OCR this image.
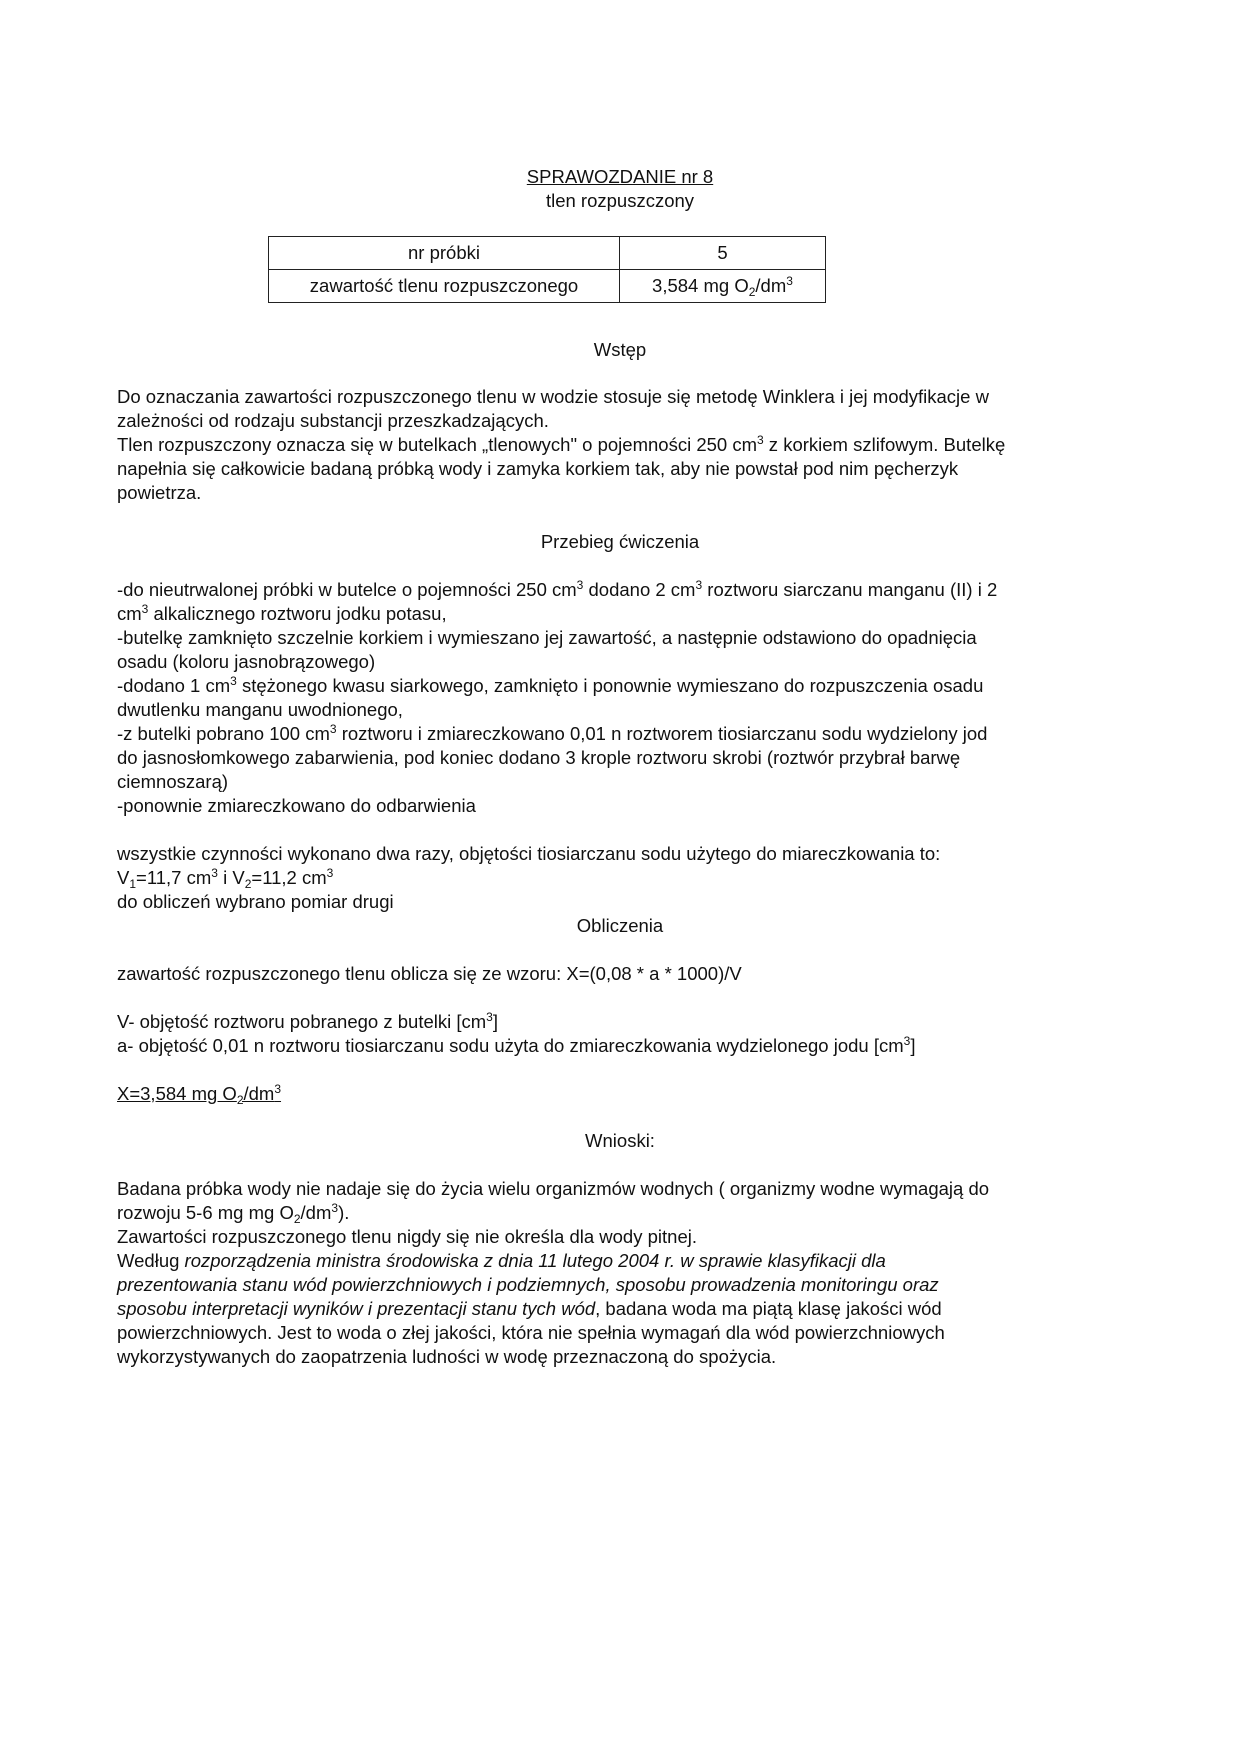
SPRAWOZDANIE nr 8
tlen rozpuszczony
nr próbki	5
zawartość tlenu rozpuszczonego	3,584 mg $O_2/dm^3$
Wstęp
Do oznaczania zawartości rozpuszczonego tlenu w wodzie stosuje się metodę Winklera i jej modyfikacje w
zależności od rodzaju substancji przeszkadzających.
Tlen rozpuszczony oznacza się w butelkach „tlenowych" o pojemności 250 $cm^3$ z korkiem szlifowym. Butelkę
napełnia się całkowicie badaną próbką wody i zamyka korkiem tak, aby nie powstał pod nim pęcherzyk
powietrza.
Przebieg ćwiczenia
-do nieutrwalonej próbki w butelce o pojemności 250 $cm^3$ dodano 2 $cm^3$ roztworu siarczanu manganu (II) i 2
$cm^3$ alkalicznego roztworu jodku potasu,
-butelkę zamknięto szczelnie korkiem i wymieszano jej zawartość, a następnie odstawiono do opadnięcia
osadu (koloru jasnobrązowego)
-dodano 1 $cm^3$ stężonego kwasu siarkowego, zamknięto i ponownie wymieszano do rozpuszczenia osadu
dwutlenku manganu uwodnionego,
-z butelki pobrano 100 $cm^3$ roztworu i zmiareczkowano 0,01 n roztworem tiosiarczanu sodu wydzielony jod
do jasnosłomkowego zabarwienia, pod koniec dodano 3 krople roztworu skrobi (roztwór przybrał barwę
ciemnoszarą)
-ponownie zmiareczkowano do odbarwienia
wszystkie czynności wykonano dwa razy, objętości tiosiarczanu sodu użytego do miareczkowania to:
$V_1=11,7$ $cm^3$ i $V_2=11,2$ $cm^3$
do obliczeń wybrano pomiar drugi
Obliczenia
zawartość rozpuszczonego tlenu oblicza się ze wzoru: X=(0,08 * a * 1000)/V
V- objętość roztworu pobranego z butelki $[cm^3]$
a- objętość 0,01 n roztworu tiosiarczanu sodu użyta do zmiareczkowania wydzielonego jodu $[cm^3]$
X=3,584 mg $O_2/dm^3$
Wnioski:
Badana próbka wody nie nadaje się do życia wielu organizmów wodnych ( organizmy wodne wymagają do
rozwoju 5-6 mg mg $O_2/dm^3$).
Zawartości rozpuszczonego tlenu nigdy się nie określa dla wody pitnej.
Według rozporządzenia ministra środowiska z dnia 11 lutego 2004 r. w sprawie klasyfikacji dla
prezentowania stanu wód powierzchniowych i podziemnych, sposobu prowadzenia monitoringu oraz
sposobu interpretacji wyników i prezentacji stanu tych wód, badana woda ma piątą klasę jakości wód
powierzchniowych. Jest to woda o złej jakości, która nie spełnia wymagań dla wód powierzchniowych
wykorzystywanych do zaopatrzenia ludności w wodę przeznaczoną do spożycia.
